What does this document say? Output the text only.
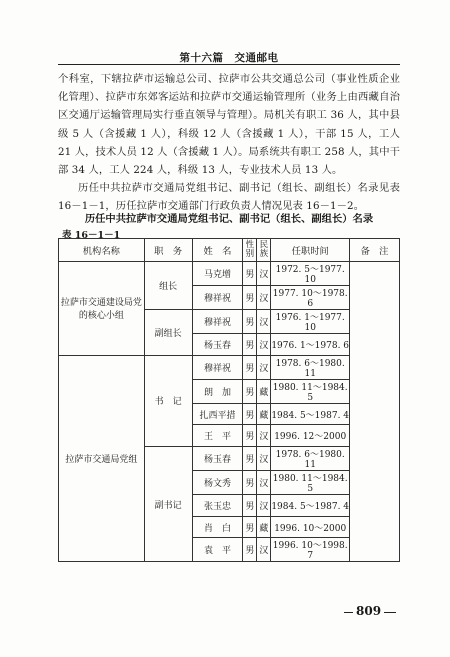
第十六篇　交通邮电

个科室，下辖拉萨市运输总公司、拉萨市公共交通总公司（事业性质企业化管理）、拉萨市东郊客运站和拉萨市交通运输管理所（业务上由西藏自治区交通厅运输管理局实行垂直领导与管理）。局机关有职工 36 人，其中县级 5 人（含援藏 1 人），科级 12 人（含援藏 1 人），干部 15 人，工人 21 人，技术人员 12 人（含援藏 1 人）。局系统共有职工 258 人，其中干部 34 人，工人 224 人，科级 13 人，专业技术人员 13 人。

历任中共拉萨市交通局党组书记、副书记（组长、副组长）名录见表 16－1－1，历任拉萨市交通部门行政负责人情况见表 16－1－2。

历任中共拉萨市交通局党组书记、副书记（组长、副组长）名录
表 16－1－1
机构名称	职　务	姓　名	性别	民族	任职时间	备　注
拉萨市交通建设局党的核心小组	组长	马克增	男	汉	1972. 5～1977. 10	
		穆祥祝	男	汉	1977. 10～1978. 6	
	副组长	穆祥祝	男	汉	1976. 1～1977. 10	
		杨玉春	男	汉	1976. 1～1978. 6	
拉萨市交通局党组	书　记	穆祥祝	男	汉	1978. 6～1980. 11	
		朗　加	男	藏	1980. 11～1984. 5	
		扎西平措	男	藏	1984. 5～1987. 4	
		王　平	男	汉	1996. 12～2000	
	副书记	杨玉春	男	汉	1978. 6～1980. 11	
		杨文秀	男	汉	1980. 11～1984. 5	
		张玉忠	男	汉	1984. 5～1987. 4	
		肖　白	男	藏	1996. 10～2000	
		袁　平	男	汉	1996. 10～1998. 7	
809
